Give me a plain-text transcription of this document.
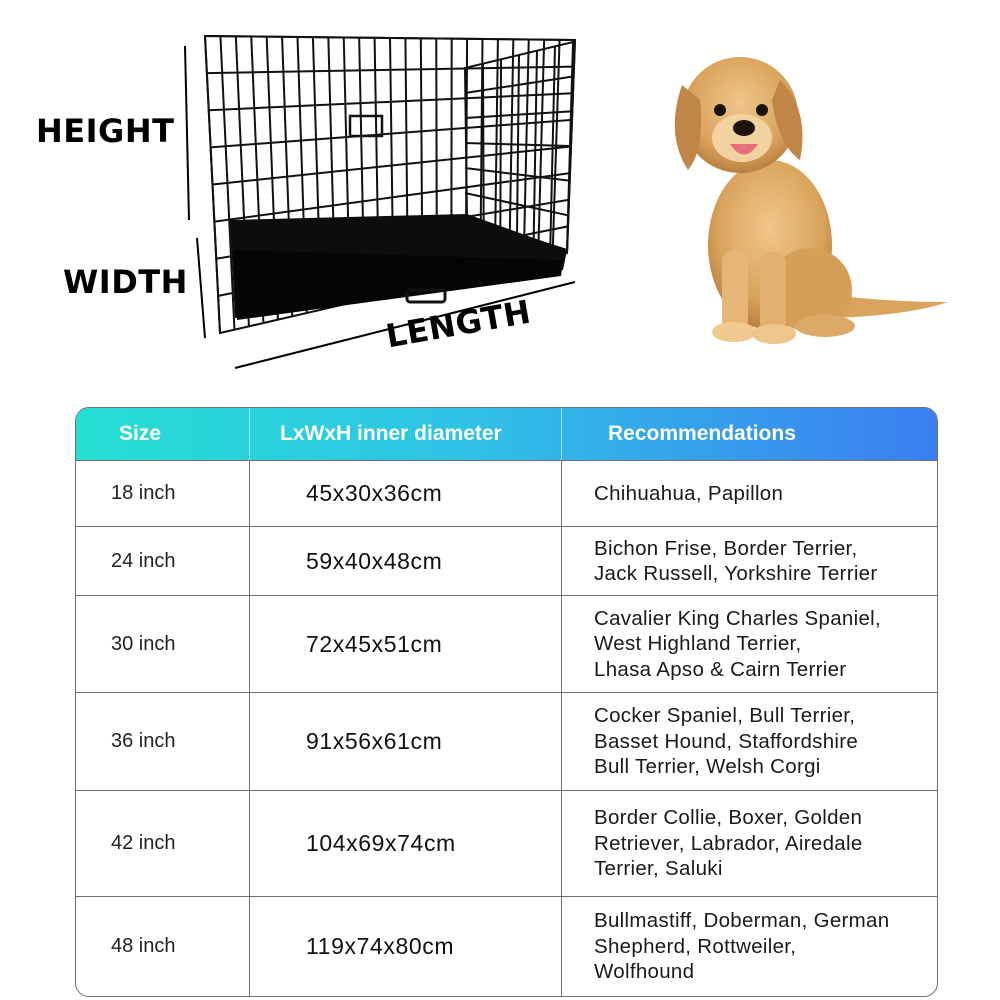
HEIGHT
WIDTH
LENGTH
Size	LxWxH inner diameter	Recommendations
18 inch	45x30x36cm	Chihuahua, Papillon
24 inch	59x40x48cm	Bichon Frise, Border Terrier,
Jack Russell, Yorkshire Terrier
30 inch	72x45x51cm
Cavalier King Charles Spaniel,
West Highland Terrier,
Lhasa Apso & Cairn Terrier
36 inch	91x56x61cm
Cocker Spaniel, Bull Terrier,
Basset Hound, Staffordshire
Bull Terrier, Welsh Corgi
42 inch	104x69x74cm
Border Collie, Boxer, Golden
Retriever, Labrador, Airedale
Terrier, Saluki
48 inch	119x74x80cm
Bullmastiff, Doberman, German
Shepherd, Rottweiler,
Wolfhound
